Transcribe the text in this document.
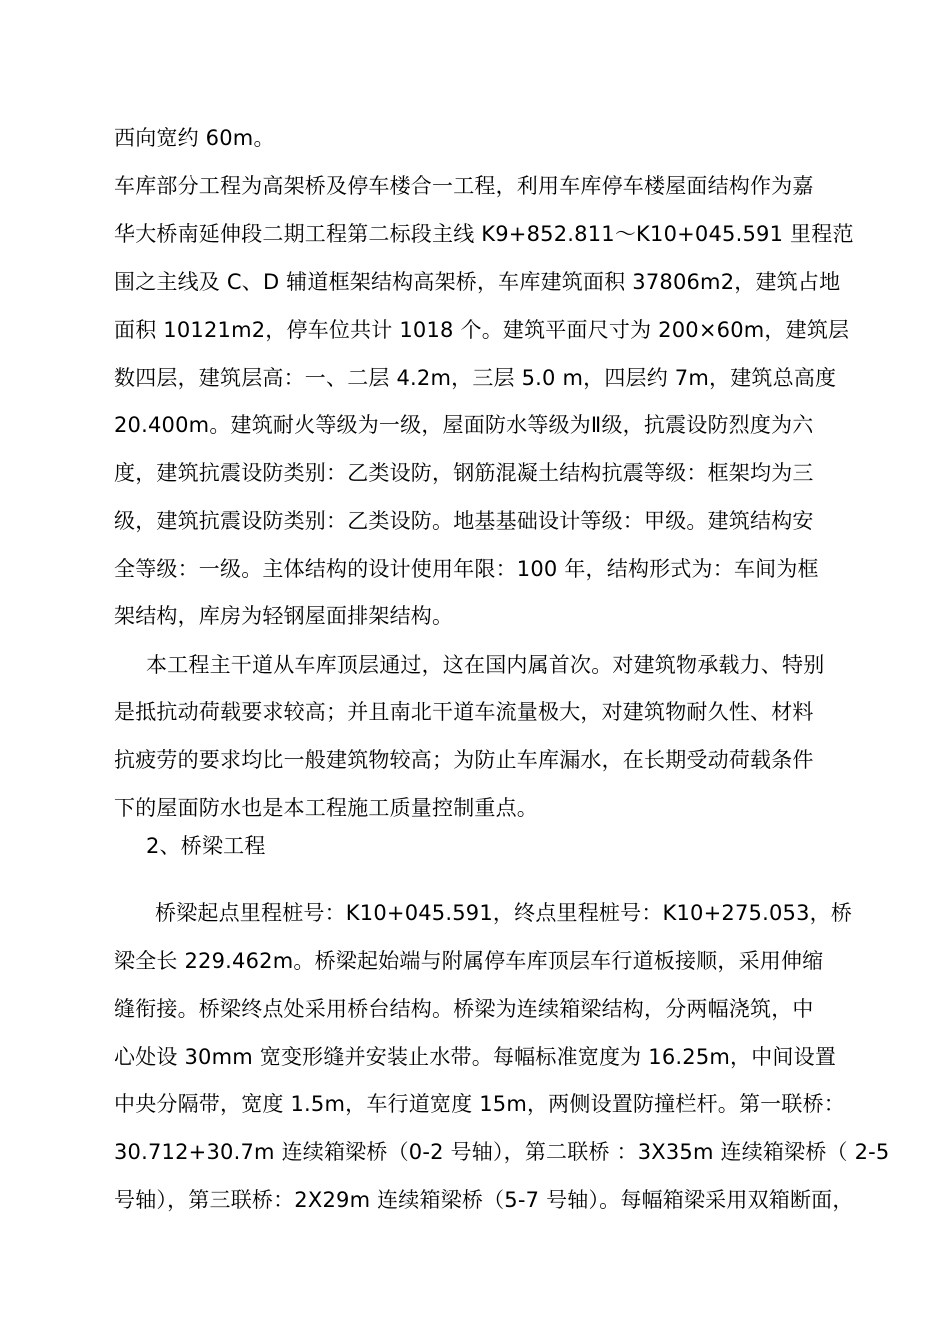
西向宽约 60m。
车库部分工程为高架桥及停车楼合一工程，利用车库停车楼屋面结构作为嘉
华大桥南延伸段二期工程第二标段主线 K9+852.811～K10+045.591 里程范
围之主线及 C、D 辅道框架结构高架桥，车库建筑面积 37806m2，建筑占地
面积 10121m2，停车位共计 1018 个。建筑平面尺寸为 200×60m，建筑层
数四层，建筑层高：一、二层 4.2m，三层 5.0 m，四层约 7m，建筑总高度
20.400m。建筑耐火等级为一级，屋面防水等级为Ⅱ级，抗震设防烈度为六
度，建筑抗震设防类别：乙类设防，钢筋混凝土结构抗震等级：框架均为三
级，建筑抗震设防类别：乙类设防。地基基础设计等级：甲级。建筑结构安
全等级：一级。主体结构的设计使用年限：100 年，结构形式为：车间为框
架结构，库房为轻钢屋面排架结构。
本工程主干道从车库顶层通过，这在国内属首次。对建筑物承载力、特别
是抵抗动荷载要求较高；并且南北干道车流量极大，对建筑物耐久性、材料
抗疲劳的要求均比一般建筑物较高；为防止车库漏水，在长期受动荷载条件
下的屋面防水也是本工程施工质量控制重点。
2、桥梁工程
桥梁起点里程桩号：K10+045.591，终点里程桩号：K10+275.053，桥
梁全长 229.462m。桥梁起始端与附属停车库顶层车行道板接顺，采用伸缩
缝衔接。桥梁终点处采用桥台结构。桥梁为连续箱梁结构，分两幅浇筑，中
心处设 30mm 宽变形缝并安装止水带。每幅标准宽度为 16.25m，中间设置
中央分隔带，宽度 1.5m，车行道宽度 15m，两侧设置防撞栏杆。第一联桥：
30.712+30.7m 连续箱梁桥（0-2 号轴），第二联桥 ：3X35m 连续箱梁桥（ 2-5
号轴），第三联桥：2X29m 连续箱梁桥（5-7 号轴）。每幅箱梁采用双箱断面，
